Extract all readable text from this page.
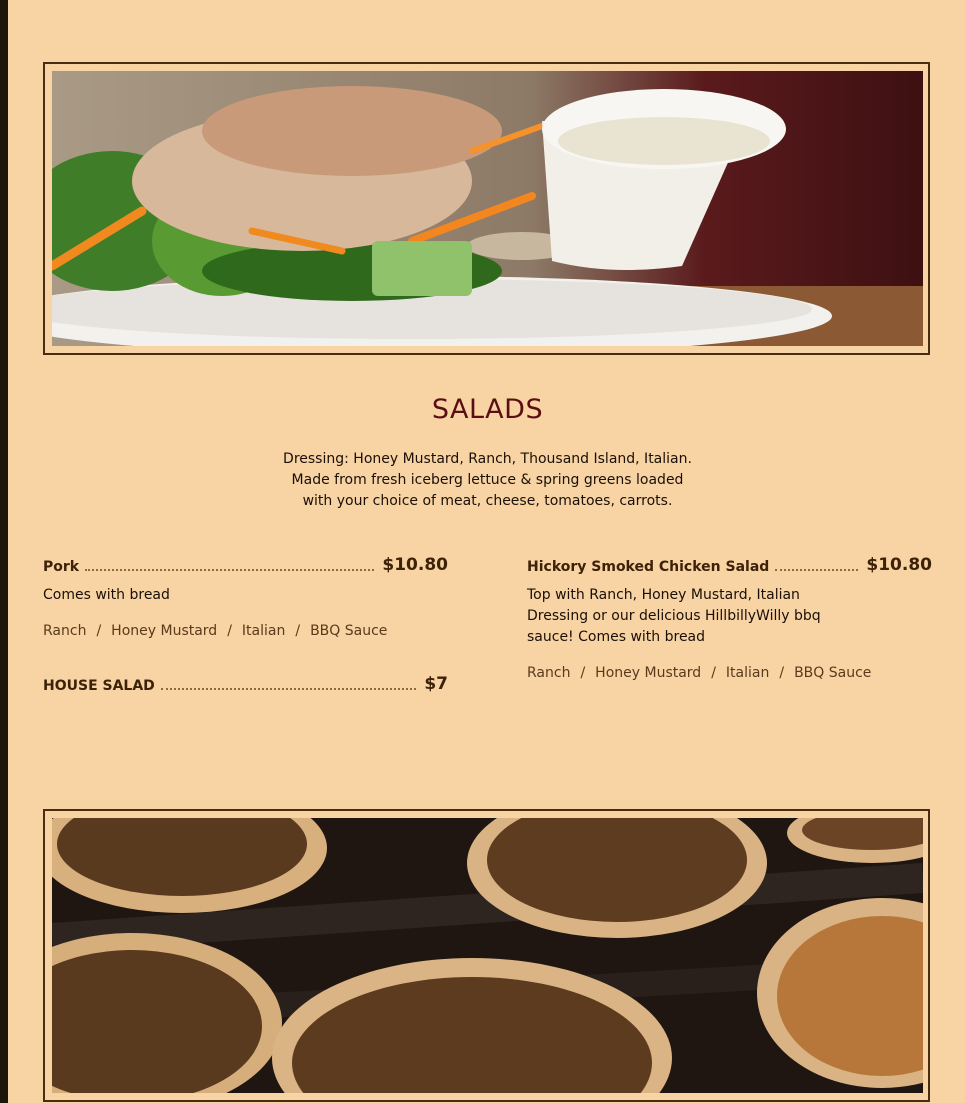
SALADS

Dressing: Honey Mustard, Ranch, Thousand Island, Italian.

Made from fresh iceberg lettuce & spring greens loaded

with your choice of meat, cheese, tomatoes, carrots.

Pork	$10.80
Comes with bread
Ranch / Honey Mustard / Italian / BBQ Sauce
HOUSE SALAD	$7
Hickory Smoked Chicken Salad	$10.80
Top with Ranch, Honey Mustard, Italian
Dressing or our delicious HillbillyWilly bbq
sauce! Comes with bread
Ranch / Honey Mustard / Italian / BBQ Sauce
